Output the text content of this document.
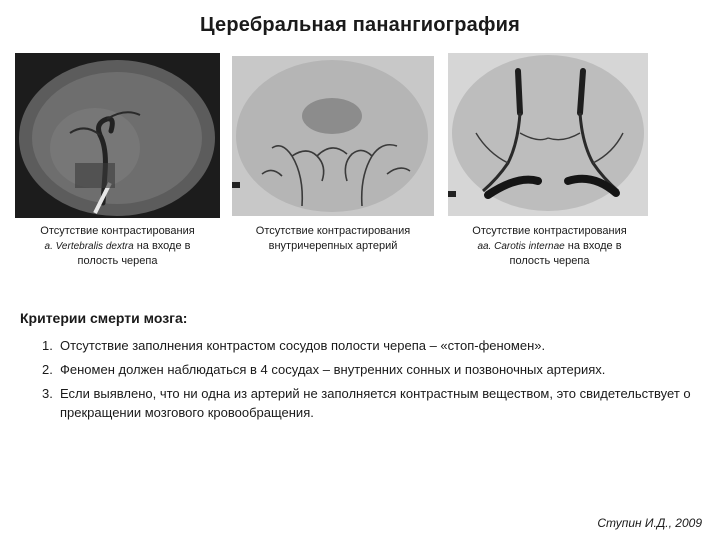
Церебральная панангиография
Отсутствие контрастирования
a. Vertebralis dextra на входе в
полость черепа
Отсутствие контрастирования
внутричерепных артерий
Отсутствие контрастирования
aa. Carotis internae на входе в
полость черепа
Критерии смерти мозга:
1. Отсутствие заполнения контрастом сосудов полости черепа – «стоп-феномен».
2. Феномен должен наблюдаться в 4 сосудах – внутренних сонных и позвоночных артериях.
3. Если выявлено, что ни одна из артерий не заполняется контрастным веществом, это свидетельствует о прекращении мозгового кровообращения.
Ступин И.Д., 2009
